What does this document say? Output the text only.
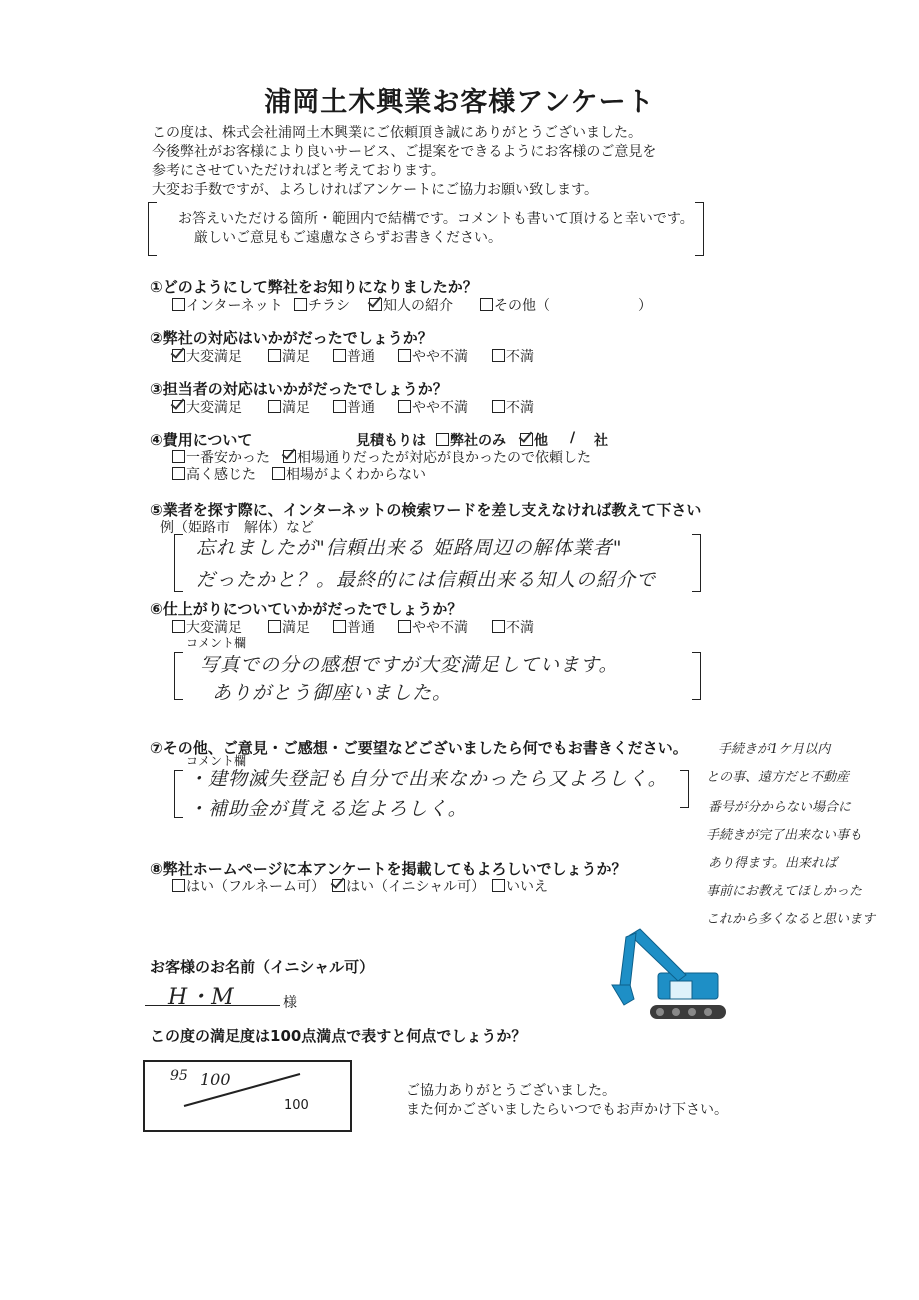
浦岡土木興業お客様アンケート
この度は、株式会社浦岡土木興業にご依頼頂き誠にありがとうございました。
今後弊社がお客様により良いサービス、ご提案をできるようにお客様のご意見を
参考にさせていただければと考えております。
大変お手数ですが、よろしければアンケートにご協力お願い致します。
お答えいただける箇所・範囲内で結構です。コメントも書いて頂けると幸いです。
厳しいご意見もご遠慮なさらずお書きください。
①どのようにして弊社をお知りになりましたか？
インターネット	チラシ	知人の紹介	その他（	）
②弊社の対応はいかがだったでしょうか？
大変満足	満足	普通	やや不満	不満
③担当者の対応はいかがだったでしょうか？
大変満足	満足	普通	やや不満	不満
④費用について	見積もりは	弊社のみ	他 / 社
一番安かった	相場通りだったが対応が良かったので依頼した
高く感じた	相場がよくわからない
⑤業者を探す際に、インターネットの検索ワードを差し支えなければ教えて下さい
例（姫路市　解体）など
忘れましたが"信頼出来る 姫路周辺の解体業者"
だったかと？。最終的には信頼出来る知人の紹介で
⑥仕上がりについていかがだったでしょうか？
大変満足	満足	普通	やや不満	不満
コメント欄
写真での分の感想ですが大変満足しています。
ありがとう御座いました。
⑦その他、ご意見・ご感想・ご要望などございましたら何でもお書きください。
コメント欄
・建物滅失登記も自分で出来なかったら又よろしく。
・補助金が貰える迄よろしく。
手続きが1ケ月以内
との事、遠方だと不動産
番号が分からない場合に
手続きが完了出来ない事も
あり得ます。出来れば
事前にお教えてほしかった
これから多くなると思います
⑧弊社ホームページに本アンケートを掲載してもよろしいでしょうか？
はい（フルネーム可）	はい（イニシャル可）	いいえ
お客様のお名前（イニシャル可）
H・M	様
この度の満足度は100点満点で表すと何点でしょうか？
95 100
100
ご協力ありがとうございました。
また何かございましたらいつでもお声かけ下さい。
